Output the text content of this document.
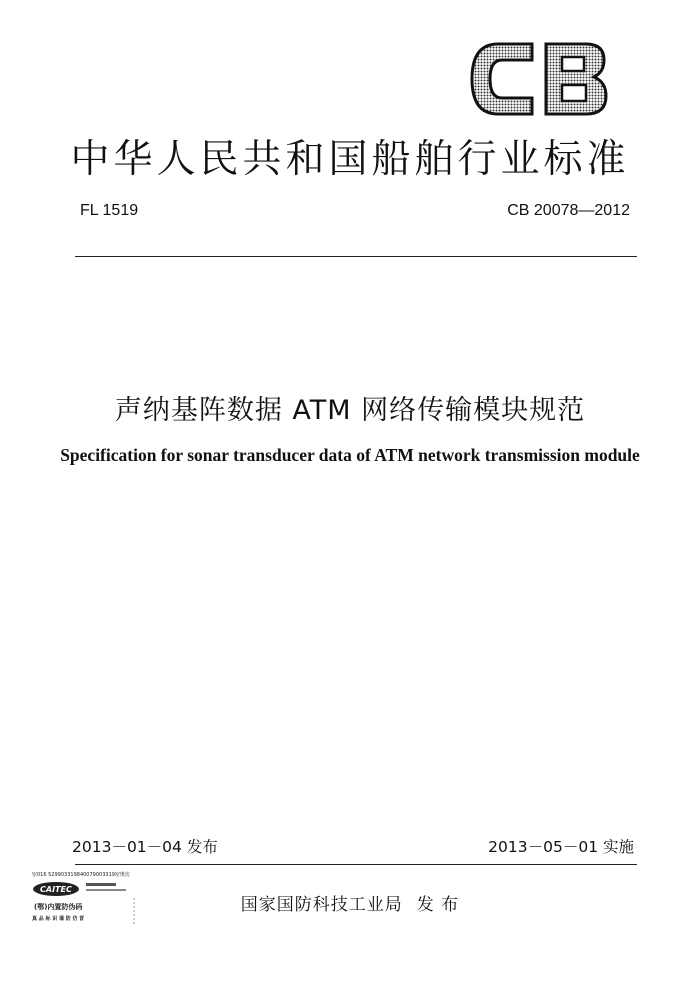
CB
中华人民共和国船舶行业标准
FL 1519	CB 20078—2012
声纳基阵数据 ATM 网络传输模块规范
Specification for sonar transducer data of ATM network transmission module
2013－01－04 发布	2013－05－01 实施
国家国防科技工业局 发 布
密016 529903319840079003319密奥仿
CAITEC
(鄂)内置防伪码
真 品 标 识 谨 防 仿 冒
